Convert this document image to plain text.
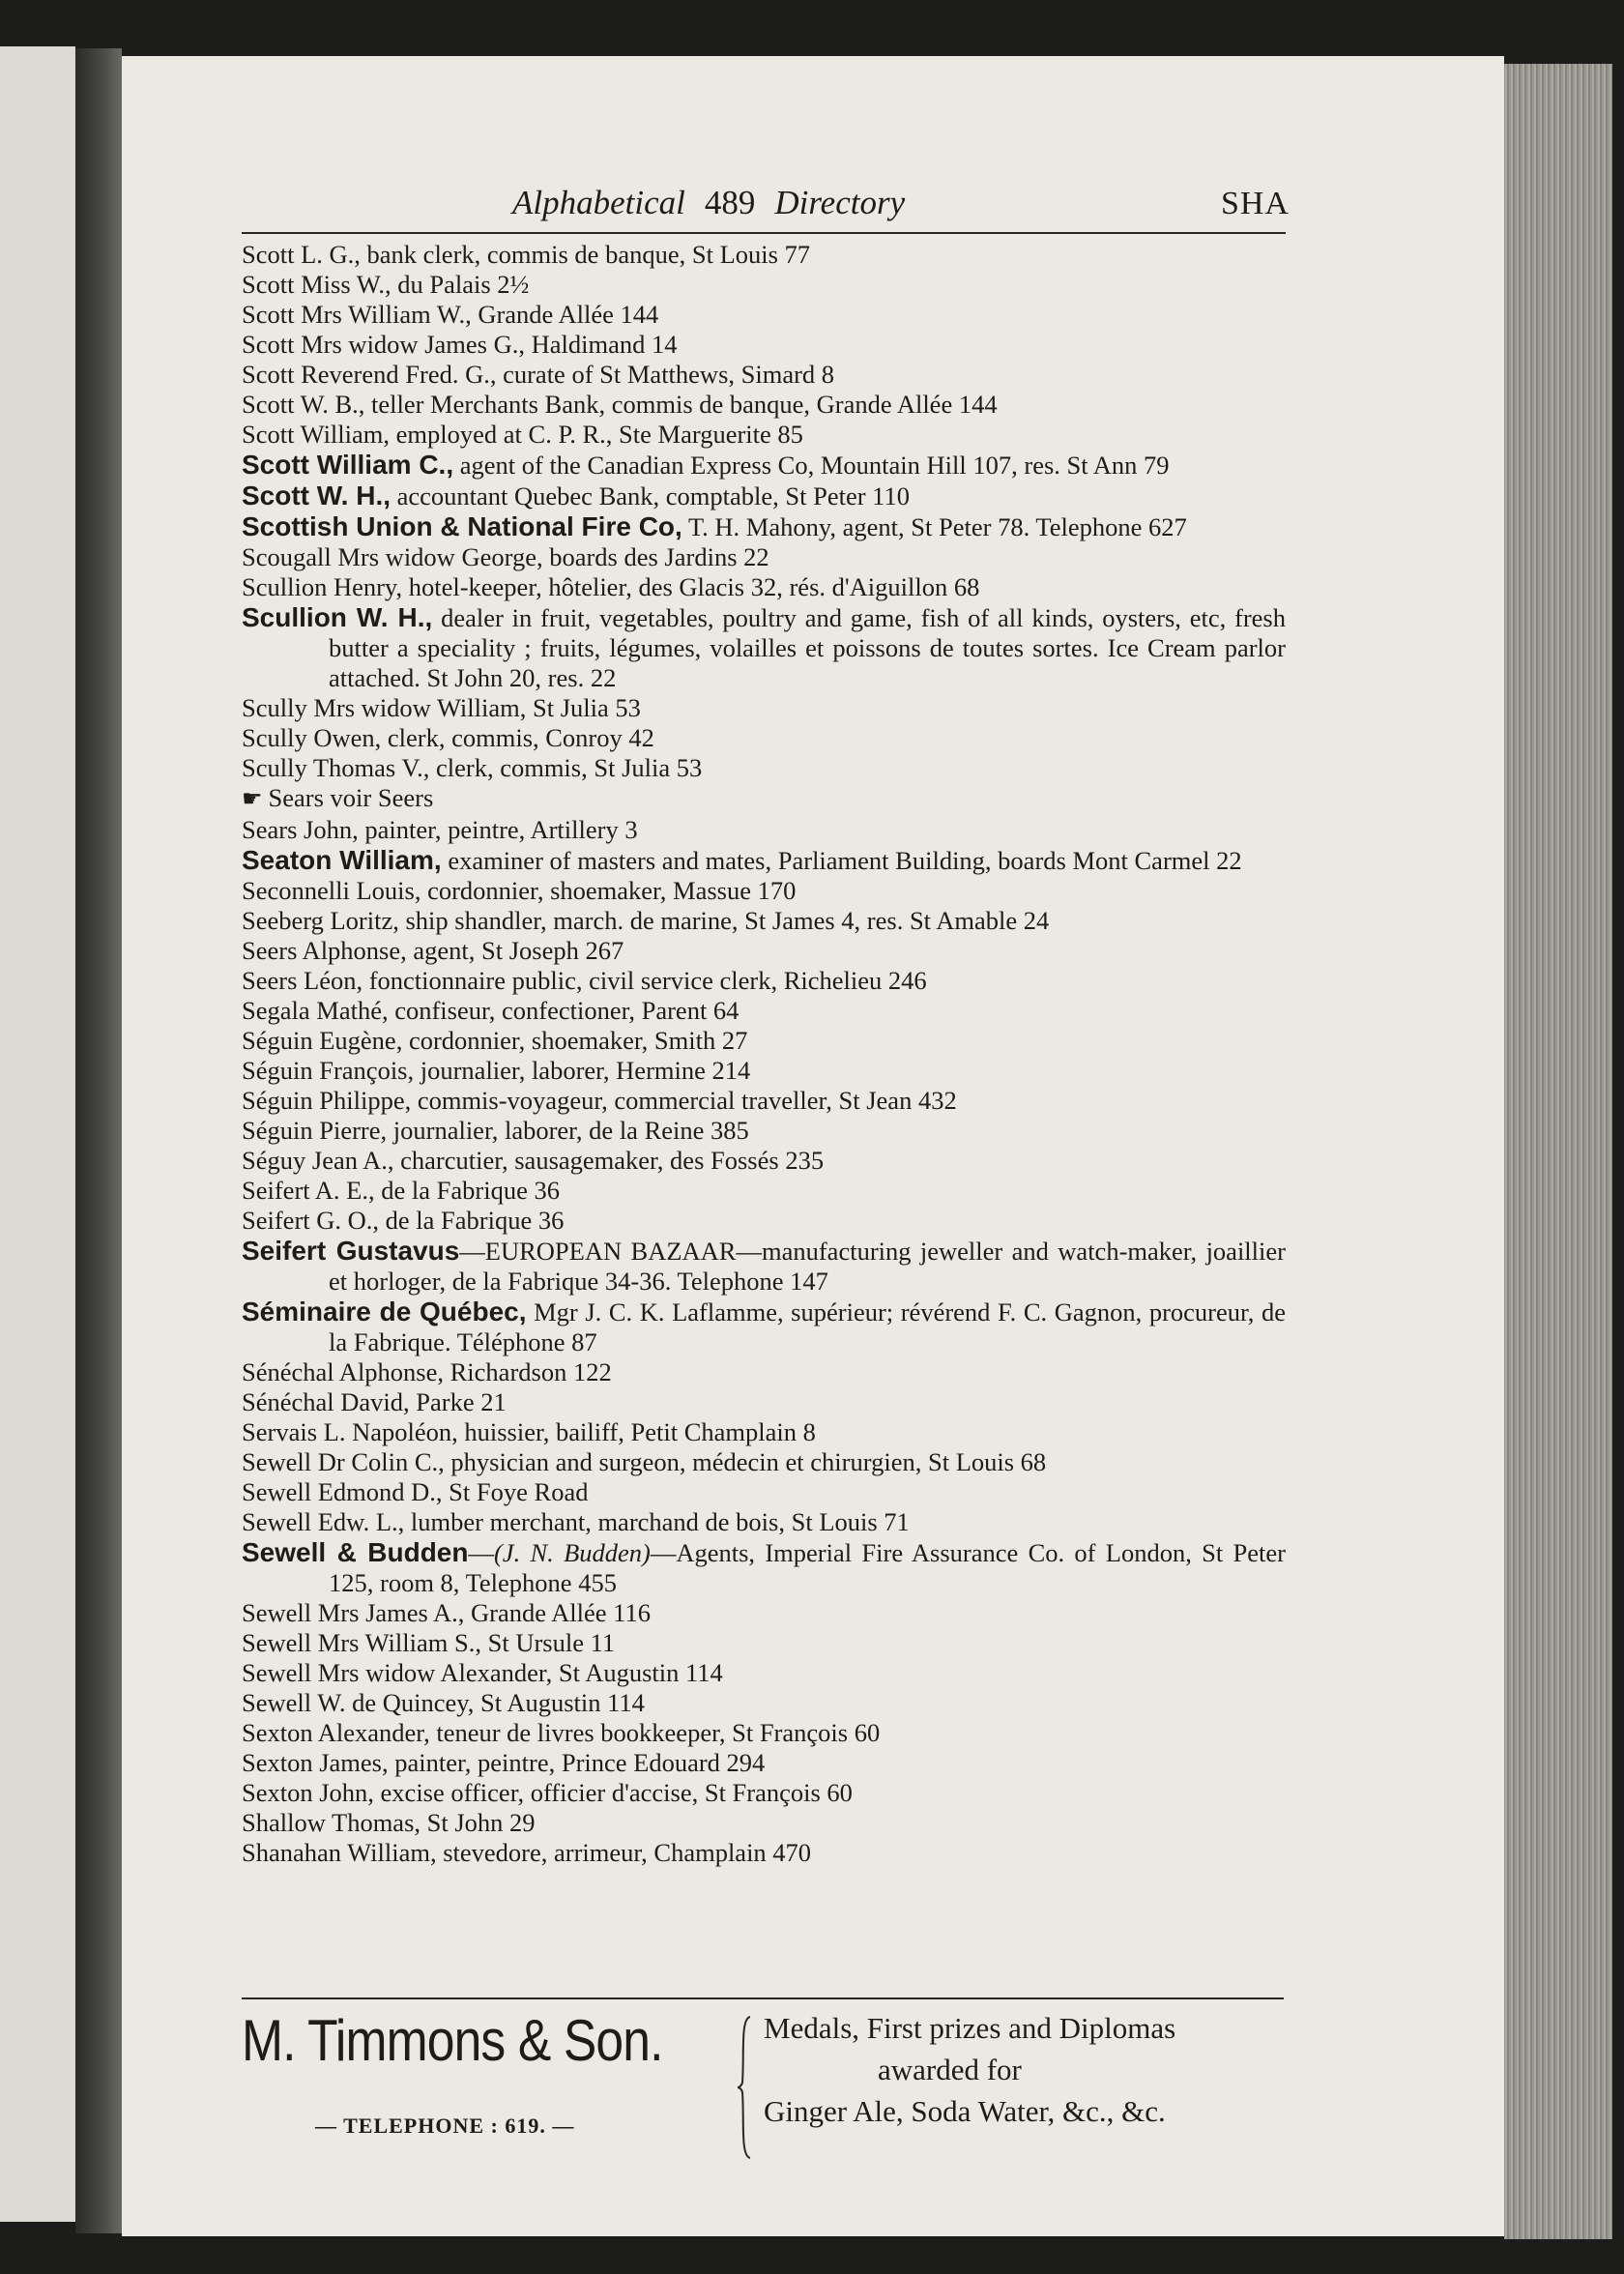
Alphabetical 489 Directory	SHA
Scott L. G., bank clerk, commis de banque, St Louis 77
Scott Miss W., du Palais 2½
Scott Mrs William W., Grande Allée 144
Scott Mrs widow James G., Haldimand 14
Scott Reverend Fred. G., curate of St Matthews, Simard 8
Scott W. B., teller Merchants Bank, commis de banque, Grande Allée 144
Scott William, employed at C. P. R., Ste Marguerite 85
Scott William C., agent of the Canadian Express Co, Mountain Hill 107, res. St Ann 79
Scott W. H., accountant Quebec Bank, comptable, St Peter 110
Scottish Union & National Fire Co, T. H. Mahony, agent, St Peter 78. Telephone 627
Scougall Mrs widow George, boards des Jardins 22
Scullion Henry, hotel-keeper, hôtelier, des Glacis 32, rés. d'Aiguillon 68
Scullion W. H., dealer in fruit, vegetables, poultry and game, fish of all kinds, oysters, etc, fresh butter a speciality ; fruits, légumes, volailles et poissons de toutes sortes. Ice Cream parlor attached. St John 20, res. 22
Scully Mrs widow William, St Julia 53
Scully Owen, clerk, commis, Conroy 42
Scully Thomas V., clerk, commis, St Julia 53
☛ Sears voir Seers
Sears John, painter, peintre, Artillery 3
Seaton William, examiner of masters and mates, Parliament Building, boards Mont Carmel 22
Seconnelli Louis, cordonnier, shoemaker, Massue 170
Seeberg Loritz, ship shandler, march. de marine, St James 4, res. St Amable 24
Seers Alphonse, agent, St Joseph 267
Seers Léon, fonctionnaire public, civil service clerk, Richelieu 246
Segala Mathé, confiseur, confectioner, Parent 64
Séguin Eugène, cordonnier, shoemaker, Smith 27
Séguin François, journalier, laborer, Hermine 214
Séguin Philippe, commis-voyageur, commercial traveller, St Jean 432
Séguin Pierre, journalier, laborer, de la Reine 385
Séguy Jean A., charcutier, sausagemaker, des Fossés 235
Seifert A. E., de la Fabrique 36
Seifert G. O., de la Fabrique 36
Seifert Gustavus—EUROPEAN BAZAAR—manufacturing jeweller and watch-maker, joaillier et horloger, de la Fabrique 34-36. Telephone 147
Séminaire de Québec, Mgr J. C. K. Laflamme, supérieur; révérend F. C. Gagnon, procureur, de la Fabrique. Téléphone 87
Sénéchal Alphonse, Richardson 122
Sénéchal David, Parke 21
Servais L. Napoléon, huissier, bailiff, Petit Champlain 8
Sewell Dr Colin C., physician and surgeon, médecin et chirurgien, St Louis 68
Sewell Edmond D., St Foye Road
Sewell Edw. L., lumber merchant, marchand de bois, St Louis 71
Sewell & Budden—(J. N. Budden)—Agents, Imperial Fire Assurance Co. of London, St Peter 125, room 8, Telephone 455
Sewell Mrs James A., Grande Allée 116
Sewell Mrs William S., St Ursule 11
Sewell Mrs widow Alexander, St Augustin 114
Sewell W. de Quincey, St Augustin 114
Sexton Alexander, teneur de livres bookkeeper, St François 60
Sexton James, painter, peintre, Prince Edouard 294
Sexton John, excise officer, officier d'accise, St François 60
Shallow Thomas, St John 29
Shanahan William, stevedore, arrimeur, Champlain 470
M. Timmons & Son.
— TELEPHONE : 619. —
Medals, First prizes and Diplomas
awarded for
Ginger Ale, Soda Water, &c., &c.
